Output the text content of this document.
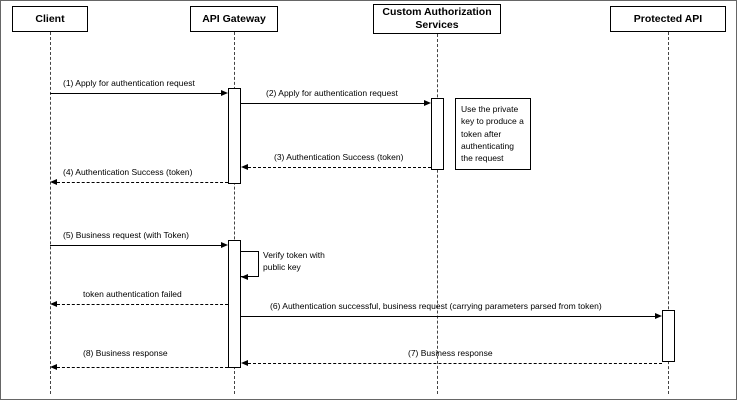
Client	API Gateway
Custom Authorization Services
Protected API
Use the private key to produce a token after authenticating the request
Verify token with public key
(1) Apply for authentication request
(2) Apply for authentication request
(3) Authentication Success (token)
(4) Authentication Success (token)
(5) Business request (with Token)
token authentication failed
(6) Authentication successful, business request (carrying parameters parsed from token)
(7) Business response
(8) Business response
